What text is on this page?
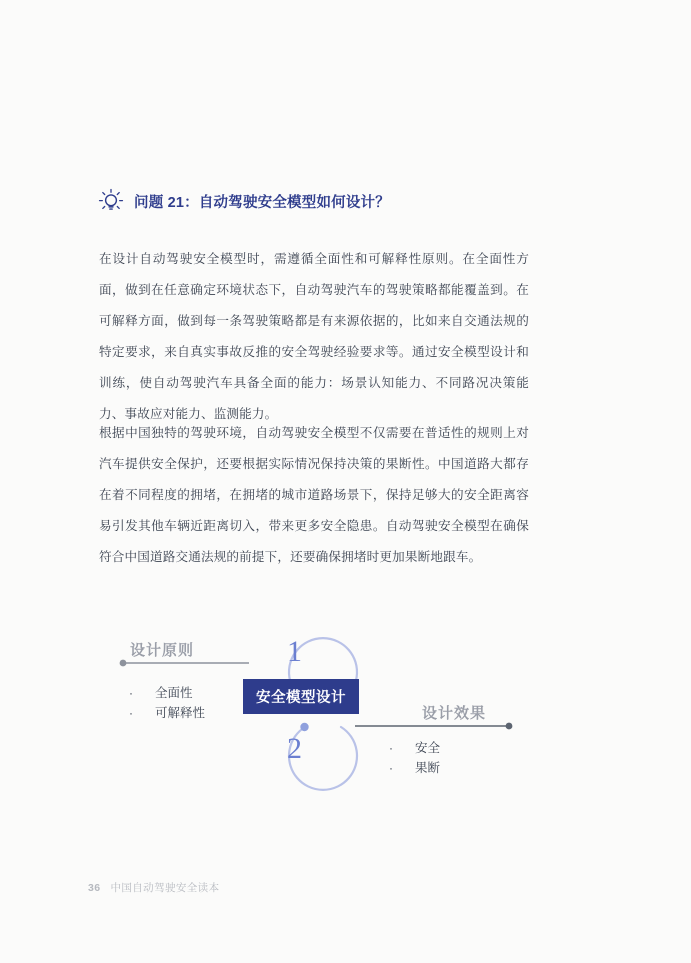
问题 21：自动驾驶安全模型如何设计？

在设计自动驾驶安全模型时，需遵循全面性和可解释性原则。在全面性方面，做到在任意确定环境状态下，自动驾驶汽车的驾驶策略都能覆盖到。在可解释方面，做到每一条驾驶策略都是有来源依据的，比如来自交通法规的特定要求，来自真实事故反推的安全驾驶经验要求等。通过安全模型设计和训练，使自动驾驶汽车具备全面的能力：场景认知能力、不同路况决策能力、事故应对能力、监测能力。

根据中国独特的驾驶环境，自动驾驶安全模型不仅需要在普适性的规则上对汽车提供安全保护，还要根据实际情况保持决策的果断性。中国道路大都存在着不同程度的拥堵，在拥堵的城市道路场景下，保持足够大的安全距离容易引发其他车辆近距离切入，带来更多安全隐患。自动驾驶安全模型在确保符合中国道路交通法规的前提下，还要确保拥堵时更加果断地跟车。

设计原则
设计效果
1
2
安全模型设计
·	全面性
·	可解释性
·	安全
·	果断
36 中国自动驾驶安全读本
